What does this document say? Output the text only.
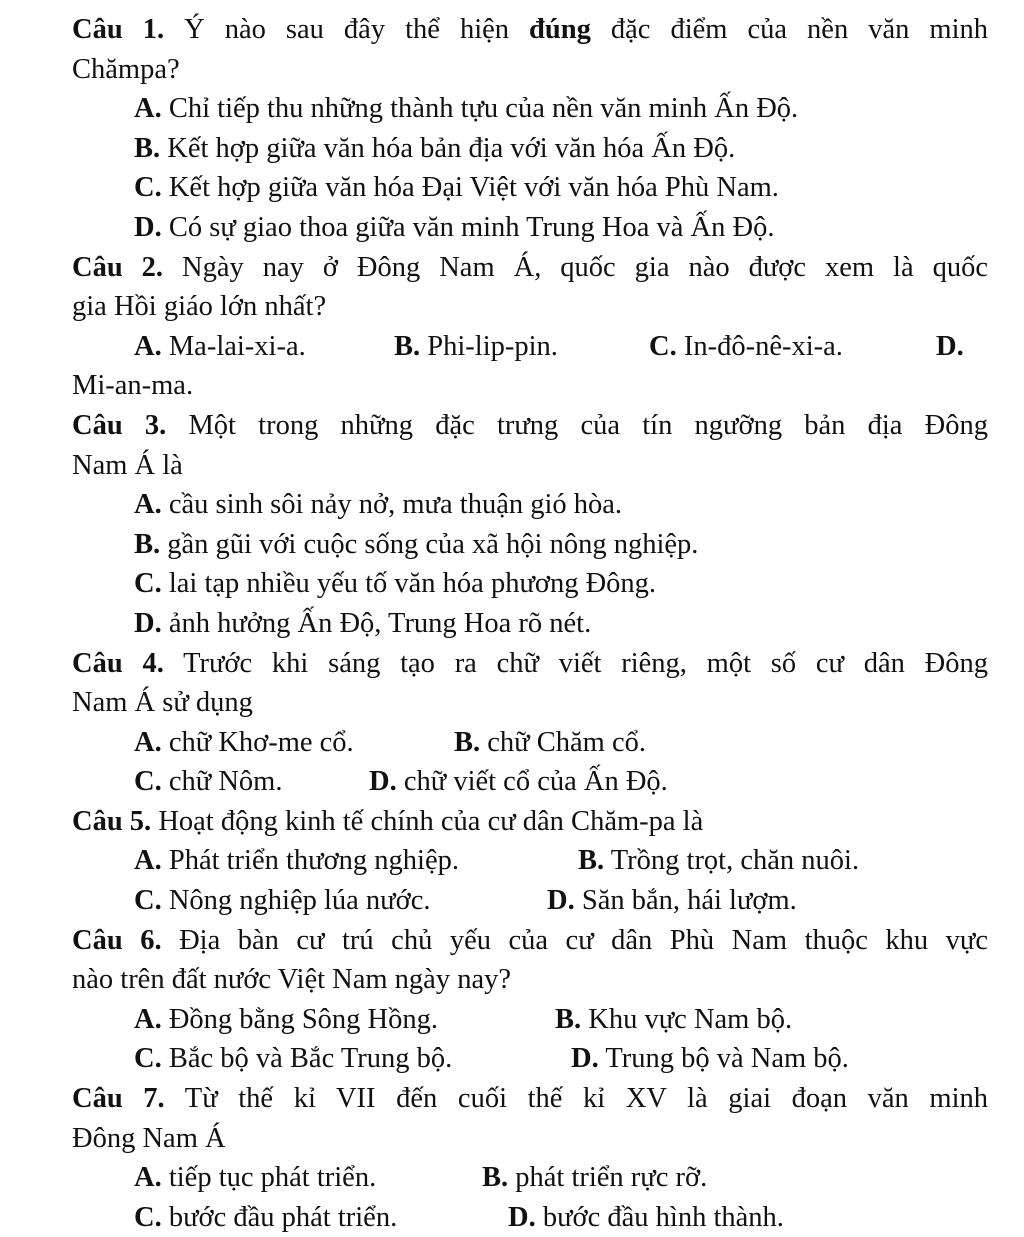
Câu 1. Ý nào sau đây thể hiện đúng đặc điểm của nền văn minh
Chămpa?
A. Chỉ tiếp thu những thành tựu của nền văn minh Ấn Độ.
B. Kết hợp giữa văn hóa bản địa với văn hóa Ấn Độ.
C. Kết hợp giữa văn hóa Đại Việt với văn hóa Phù Nam.
D. Có sự giao thoa giữa văn minh Trung Hoa và Ấn Độ.
Câu 2. Ngày nay ở Đông Nam Á, quốc gia nào được xem là quốc
gia Hồi giáo lớn nhất?
A. Ma-lai-xi-a.	B. Phi-lip-pin.	C. In-đô-nê-xi-a.	D.
Mi-an-ma.
Câu 3. Một trong những đặc trưng của tín ngưỡng bản địa Đông
Nam Á là
A. cầu sinh sôi nảy nở, mưa thuận gió hòa.
B. gần gũi với cuộc sống của xã hội nông nghiệp.
C. lai tạp nhiều yếu tố văn hóa phương Đông.
D. ảnh hưởng Ấn Độ, Trung Hoa rõ nét.
Câu 4. Trước khi sáng tạo ra chữ viết riêng, một số cư dân Đông
Nam Á sử dụng
A. chữ Khơ-me cổ.	B. chữ Chăm cổ.
C. chữ Nôm.	D. chữ viết cổ của Ấn Độ.
Câu 5. Hoạt động kinh tế chính của cư dân Chăm-pa là
A. Phát triển thương nghiệp.	B. Trồng trọt, chăn nuôi.
C. Nông nghiệp lúa nước.	D. Săn bắn, hái lượm.
Câu 6. Địa bàn cư trú chủ yếu của cư dân Phù Nam thuộc khu vực
nào trên đất nước Việt Nam ngày nay?
A. Đồng bằng Sông Hồng.	B. Khu vực Nam bộ.
C. Bắc bộ và Bắc Trung bộ.	D. Trung bộ và Nam bộ.
Câu 7. Từ thế kỉ VII đến cuối thế kỉ XV là giai đoạn văn minh
Đông Nam Á
A. tiếp tục phát triển.	B. phát triển rực rỡ.
C. bước đầu phát triển.	D. bước đầu hình thành.
